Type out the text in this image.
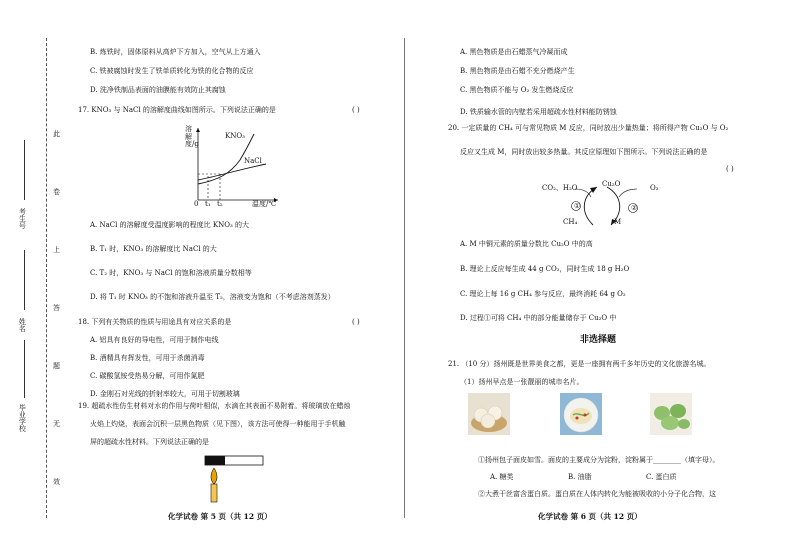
此
卷
上
答
题
无
效
考生号
姓名
毕业学校
B. 炼铁时，固体原料从高炉下方加入，空气从上方通入
C. 铁被腐蚀时发生了铁单质转化为铁的化合物的反应
D. 洗净铁制品表面的油膜能有效防止其腐蚀
17. KNO₃ 与 NaCl 的溶解度曲线如图所示。下列说法正确的是	( )
溶解度/g
KNO₃
NaCl
0 t₁ t₂	温度/℃
A. NaCl 的溶解度受温度影响的程度比 KNO₃ 的大
B. T₁ 时，KNO₃ 的溶解度比 NaCl 的大
C. T₂ 时，KNO₃ 与 NaCl 的饱和溶液质量分数相等
D. 将 T₁ 时 KNO₃ 的不饱和溶液升温至 T₂，溶液变为饱和（不考虑溶剂蒸发）
18. 下列有关物质的性质与用途具有对应关系的是	( )
A. 铝具有良好的导电性，可用于制作电线
B. 酒精具有挥发性，可用于杀菌消毒
C. 碳酸氢铵受热易分解，可用作氮肥
D. 金刚石对光线的折射率较大，可用于切割玻璃
19. 超疏水性仿生材料对水的作用与荷叶相似，水滴在其表面不易附着。将玻璃放在蜡烛
火焰上灼烧，表面会沉积一层黑色物质（见下图），该方法可使得一种能用于手机触
屏的超疏水性材料。下列说法正确的是
化学试卷 第 5 页（共 12 页）
A. 黑色物质是由石蜡蒸气冷凝而成
B. 黑色物质是由石蜡不充分燃烧产生
C. 黑色物质不能与 O₂ 发生燃烧反应
D. 铁质输水管的内壁若采用超疏水性材料能防锈蚀
20. 一定质量的 CH₄ 可与常见物质 M 反应，同时放出少量热量；将所得产物 Cu₂O 与 O₂
反应又生成 M，同时放出较多热量。其反应原理如下图所示。下列说法正确的是
( )
CO₂、H₂O	Cu₂O	O₂
①	②
CH₄	M
A. M 中铜元素的质量分数比 Cu₂O 中的高
B. 理论上反应每生成 44 g CO₂，同时生成 18 g H₂O
C. 理论上每 16 g CH₄ 参与反应，最终消耗 64 g O₂
D. 过程①可将 CH₄ 中的部分能量储存于 Cu₂O 中
非选择题
21. （10 分）扬州既是世界美食之都，更是一座拥有两千多年历史的文化旅游名城。
（1）扬州早点是一张靓丽的城市名片。
①扬州包子面皮如雪。面皮的主要成分为淀粉，淀粉属于________（填字母）。
A. 糖类	B. 油脂	C. 蛋白质
②大煮干丝富含蛋白质。蛋白质在人体内转化为能被吸收的小分子化合物，这
化学试卷 第 6 页（共 12 页）
